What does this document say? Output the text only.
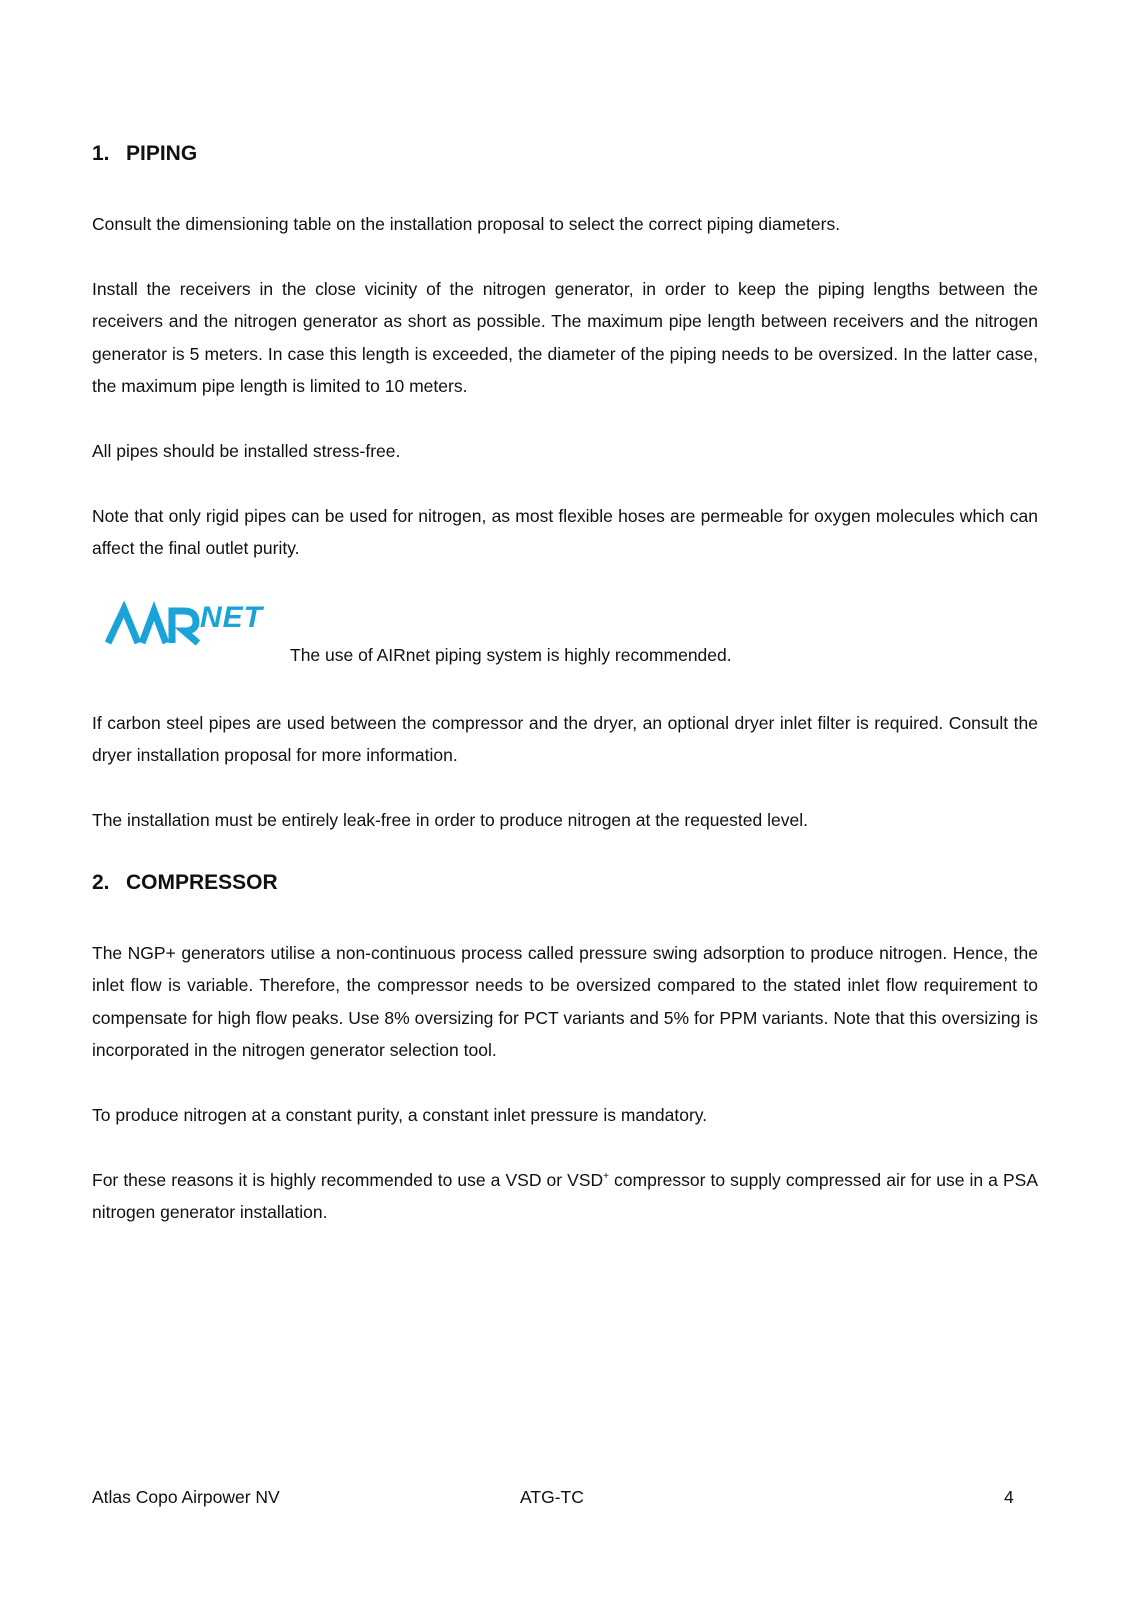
1. PIPING

Consult the dimensioning table on the installation proposal to select the correct piping diameters.

Install the receivers in the close vicinity of the nitrogen generator, in order to keep the piping lengths between the receivers and the nitrogen generator as short as possible. The maximum pipe length between receivers and the nitrogen generator is 5 meters. In case this length is exceeded, the diameter of the piping needs to be oversized. In the latter case, the maximum pipe length is limited to 10 meters.

All pipes should be installed stress-free.

Note that only rigid pipes can be used for nitrogen, as most flexible hoses are permeable for oxygen molecules which can affect the final outlet purity.

NET
The use of AIRnet piping system is highly recommended.

If carbon steel pipes are used between the compressor and the dryer, an optional dryer inlet filter is required. Consult the dryer installation proposal for more information.

The installation must be entirely leak-free in order to produce nitrogen at the requested level.

2. COMPRESSOR

The NGP+ generators utilise a non-continuous process called pressure swing adsorption to produce nitrogen. Hence, the inlet flow is variable. Therefore, the compressor needs to be oversized compared to the stated inlet flow requirement to compensate for high flow peaks. Use 8% oversizing for PCT variants and 5% for PPM variants. Note that this oversizing is incorporated in the nitrogen generator selection tool.

To produce nitrogen at a constant purity, a constant inlet pressure is mandatory.

For these reasons it is highly recommended to use a VSD or VSD+ compressor to supply compressed air for use in a PSA nitrogen generator installation.

Atlas Copo Airpower NV	ATG-TC	4
